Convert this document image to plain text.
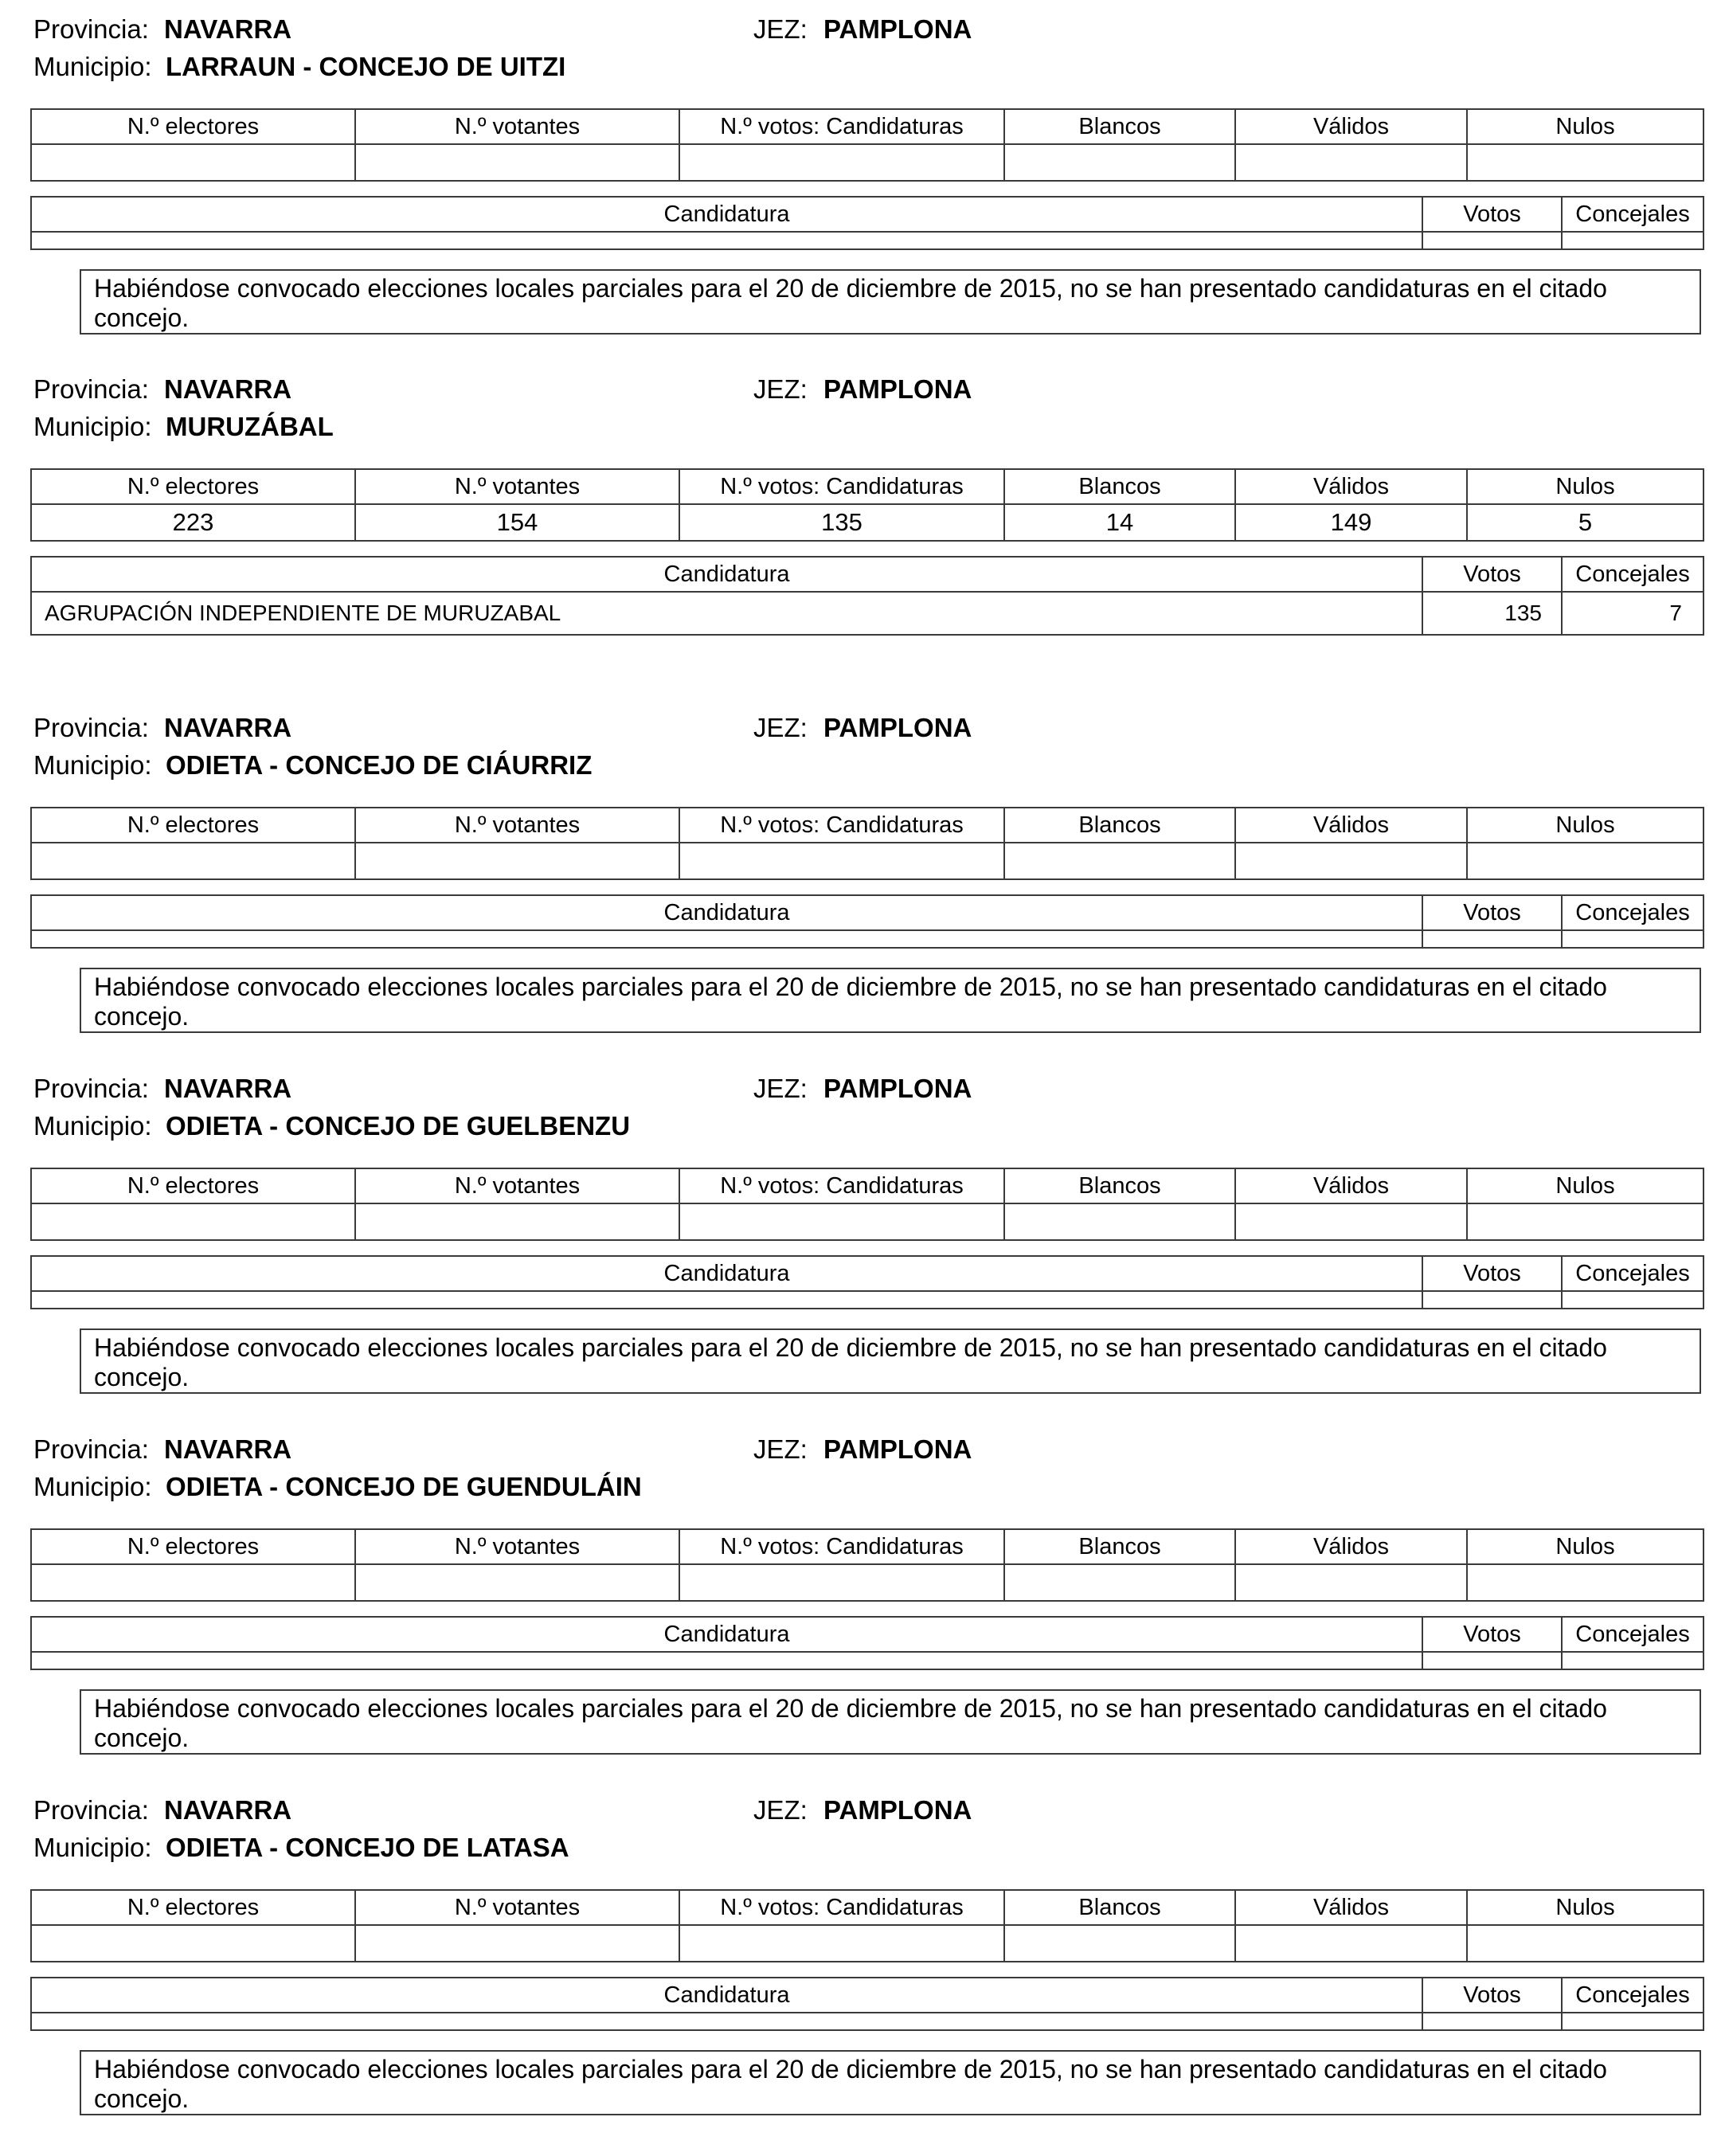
Provincia: NAVARRA	JEZ: PAMPLONA
Municipio: LARRAUN - CONCEJO DE UITZI
N.º electores	N.º votantes	N.º votos: Candidaturas	Blancos	Válidos	Nulos

Candidatura	Votos	Concejales

Habiéndose convocado elecciones locales parciales para el 20 de diciembre de 2015, no se han presentado candidaturas en el citado concejo.
Provincia: NAVARRA	JEZ: PAMPLONA
Municipio: MURUZÁBAL
N.º electores	N.º votantes	N.º votos: Candidaturas	Blancos	Válidos	Nulos
223	154	135	14	149	5
Candidatura	Votos	Concejales
AGRUPACIÓN INDEPENDIENTE DE MURUZABAL	135	7
Provincia: NAVARRA	JEZ: PAMPLONA
Municipio: ODIETA - CONCEJO DE CIÁURRIZ
N.º electores	N.º votantes	N.º votos: Candidaturas	Blancos	Válidos	Nulos

Candidatura	Votos	Concejales

Habiéndose convocado elecciones locales parciales para el 20 de diciembre de 2015, no se han presentado candidaturas en el citado concejo.
Provincia: NAVARRA	JEZ: PAMPLONA
Municipio: ODIETA - CONCEJO DE GUELBENZU
N.º electores	N.º votantes	N.º votos: Candidaturas	Blancos	Válidos	Nulos

Candidatura	Votos	Concejales

Habiéndose convocado elecciones locales parciales para el 20 de diciembre de 2015, no se han presentado candidaturas en el citado concejo.
Provincia: NAVARRA	JEZ: PAMPLONA
Municipio: ODIETA - CONCEJO DE GUENDULÁIN
N.º electores	N.º votantes	N.º votos: Candidaturas	Blancos	Válidos	Nulos

Candidatura	Votos	Concejales

Habiéndose convocado elecciones locales parciales para el 20 de diciembre de 2015, no se han presentado candidaturas en el citado concejo.
Provincia: NAVARRA	JEZ: PAMPLONA
Municipio: ODIETA - CONCEJO DE LATASA
N.º electores	N.º votantes	N.º votos: Candidaturas	Blancos	Válidos	Nulos

Candidatura	Votos	Concejales

Habiéndose convocado elecciones locales parciales para el 20 de diciembre de 2015, no se han presentado candidaturas en el citado concejo.
